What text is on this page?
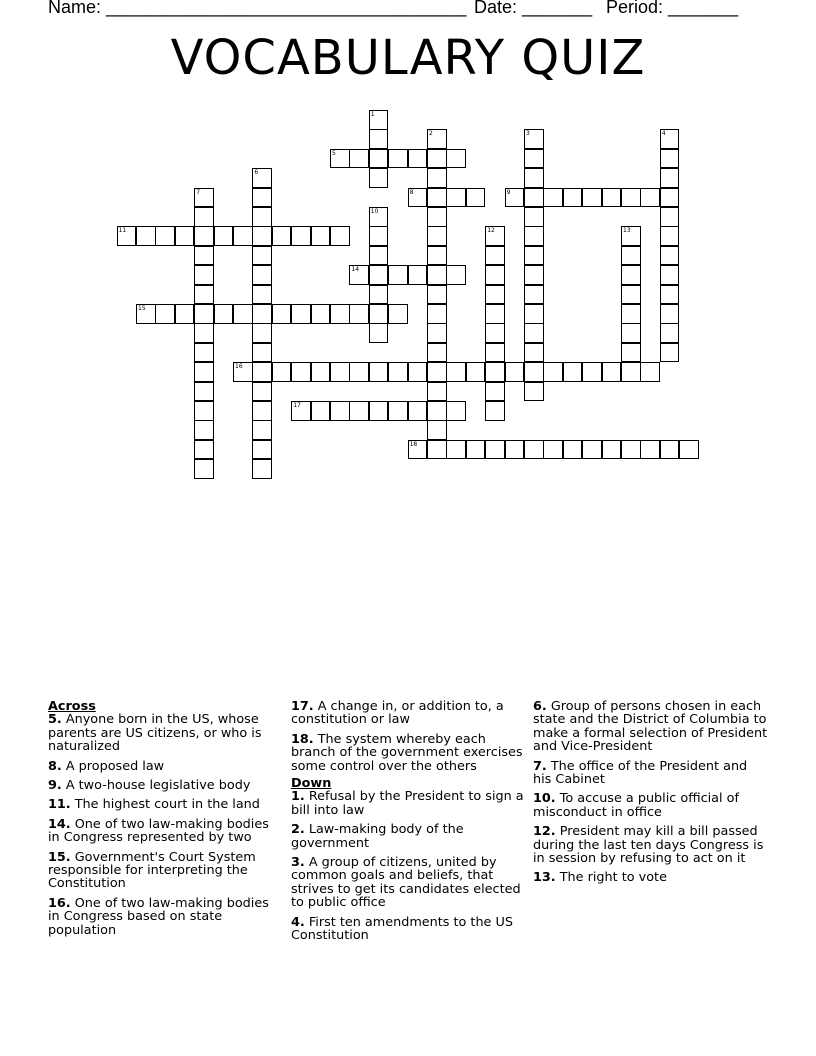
Name: ____________________________________ Date: _______ Period: _______
VOCABULARY QUIZ
1
2	3	4
5
6
7	8	9
10
11	12	13
14
15
16
17
18
Across
5. Anyone born in the US, whose parents are US citizens, or who is naturalized
8. A proposed law
9. A two-house legislative body
11. The highest court in the land
14. One of two law-making bodies in Congress represented by two
15. Government's Court System responsible for interpreting the Constitution
16. One of two law-making bodies in Congress based on state population
17. A change in, or addition to, a constitution or law
18. The system whereby each branch of the government exercises some control over the others
Down
1. Refusal by the President to sign a bill into law
2. Law-making body of the government
3. A group of citizens, united by common goals and beliefs, that strives to get its candidates elected to public office
4. First ten amendments to the US Constitution
6. Group of persons chosen in each state and the District of Columbia to make a formal selection of President and Vice-President
7. The office of the President and his Cabinet
10. To accuse a public official of misconduct in office
12. President may kill a bill passed during the last ten days Congress is in session by refusing to act on it
13. The right to vote
